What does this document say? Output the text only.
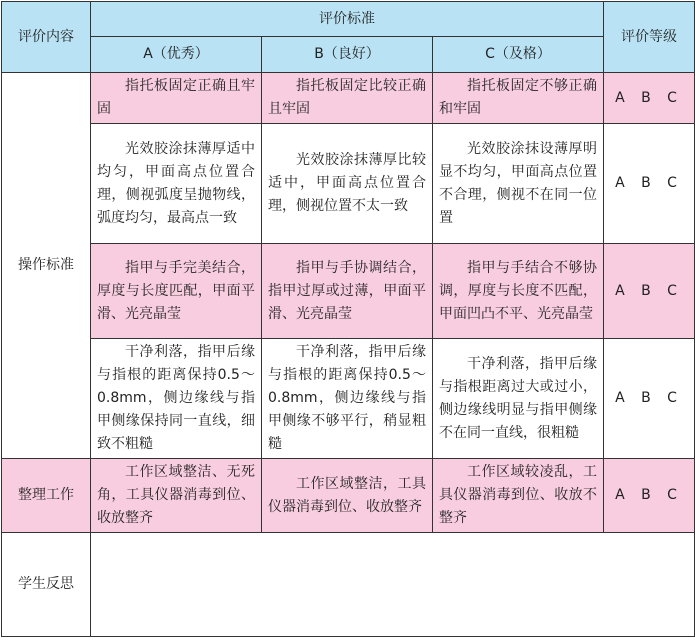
评价内容	评价标准			评价等级
	A（优秀）	B（良好）	C（及格）	
操作标准	指托板固定正确且牢固	指托板固定比较正确且牢固	指托板固定不够正确和牢固	A B C
	光效胶涂抹薄厚适中均匀，甲面高点位置合理，侧视弧度呈抛物线，弧度均匀，最高点一致	光效胶涂抹薄厚比较适中，甲面高点位置合理，侧视位置不太一致	光效胶涂抹设薄厚明显不均匀，甲面高点位置不合理，侧视不在同一位置	A B C
	指甲与手完美结合，厚度与长度匹配，甲面平滑、光亮晶莹	指甲与手协调结合，指甲过厚或过薄，甲面平滑、光亮晶莹	指甲与手结合不够协调，厚度与长度不匹配，甲面凹凸不平、光亮晶莹	A B C
	干净利落，指甲后缘与指根的距离保持0.5～0.8mm，侧边缘线与指甲侧缘保持同一直线，细致不粗糙	干净利落，指甲后缘与指根的距离保持0.5～0.8mm，侧边缘线与指甲侧缘不够平行，稍显粗糙	干净利落，指甲后缘与指根距离过大或过小，侧边缘线明显与指甲侧缘不在同一直线，很粗糙	A B C
整理工作	工作区域整洁、无死角，工具仪器消毒到位、收放整齐	工作区域整洁，工具仪器消毒到位、收放整齐	工作区域较凌乱，工具仪器消毒到位、收放不整齐	A B C
学生反思				
